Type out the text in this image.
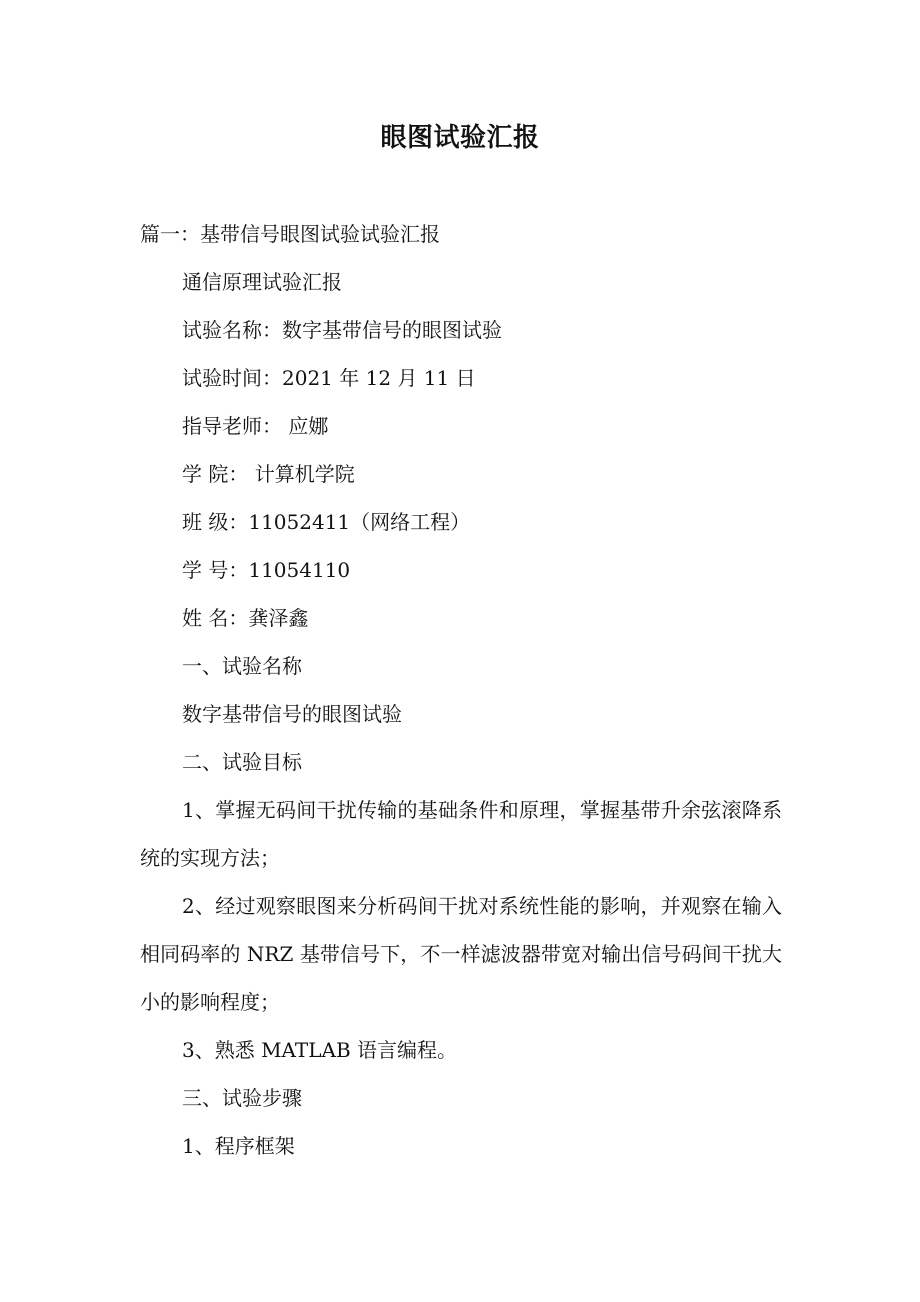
眼图试验汇报
篇一：基带信号眼图试验试验汇报
通信原理试验汇报
试验名称：数字基带信号的眼图试验
试验时间：2021 年 12 月 11 日
指导老师： 应娜
学 院： 计算机学院
班 级：11052411（网络工程）
学 号：11054110
姓 名：龚泽鑫
一、试验名称
数字基带信号的眼图试验
二、试验目标
1、掌握无码间干扰传输的基础条件和原理，掌握基带升余弦滚降系统的实现方法；
2、经过观察眼图来分析码间干扰对系统性能的影响，并观察在输入相同码率的 NRZ 基带信号下，不一样滤波器带宽对输出信号码间干扰大小的影响程度；
3、熟悉 MATLAB 语言编程。
三、试验步骤
1、程序框架
